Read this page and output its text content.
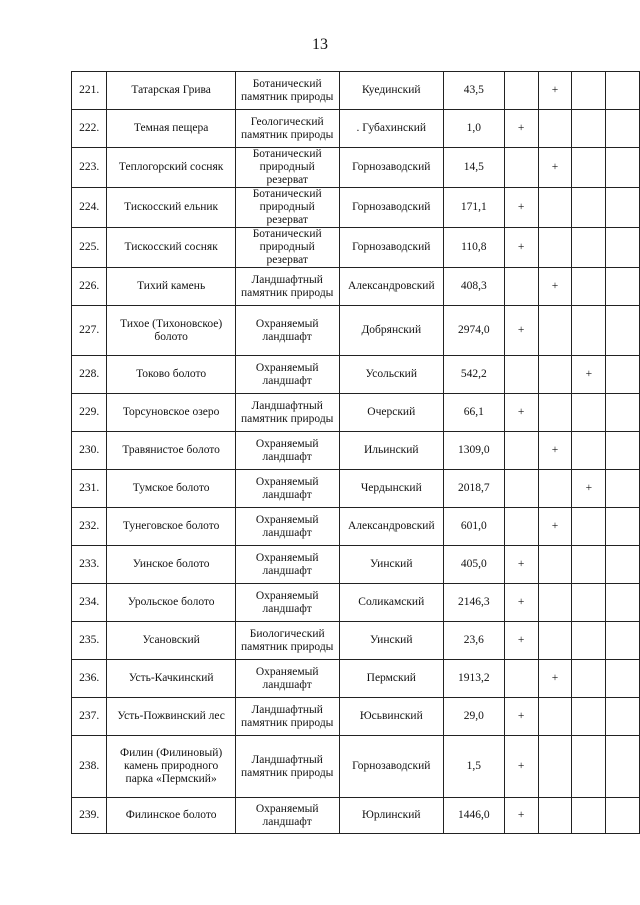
13
221.	Татарская Грива	Ботанический памятник природы	Куединский	43,5		+		
222.	Темная пещера	Геологический памятник природы	. Губахинский	1,0	+			
223.	Теплогорский сосняк	Ботанический природный резерват	Горнозаводский	14,5		+		
224.	Тискосский ельник	Ботанический природный резерват	Горнозаводский	171,1	+			
225.	Тискосский сосняк	Ботанический природный резерват	Горнозаводский	110,8	+			
226.	Тихий камень	Ландшафтный памятник природы	Александровский	408,3		+		
227.	Тихое (Тихоновское) болото	Охраняемый ландшафт	Добрянский	2974,0	+			
228.	Токово болото	Охраняемый ландшафт	Усольский	542,2			+	
229.	Торсуновское озеро	Ландшафтный памятник природы	Очерский	66,1	+			
230.	Травянистое болото	Охраняемый ландшафт	Ильинский	1309,0		+		
231.	Тумское болото	Охраняемый ландшафт	Чердынский	2018,7			+	
232.	Тунеговское болото	Охраняемый ландшафт	Александровский	601,0		+		
233.	Уинское болото	Охраняемый ландшафт	Уинский	405,0	+			
234.	Урольское болото	Охраняемый ландшафт	Соликамский	2146,3	+			
235.	Усановский	Биологический памятник природы	Уинский	23,6	+			
236.	Усть-Качкинский	Охраняемый ландшафт	Пермский	1913,2		+		
237.	Усть-Пожвинский лес	Ландшафтный памятник природы	Юсьвинский	29,0	+			
238.	Филин (Филиновый) камень природного парка «Пермский»	Ландшафтный памятник природы	Горнозаводский	1,5	+			
239.	Филинское болото	Охраняемый ландшафт	Юрлинский	1446,0	+			
